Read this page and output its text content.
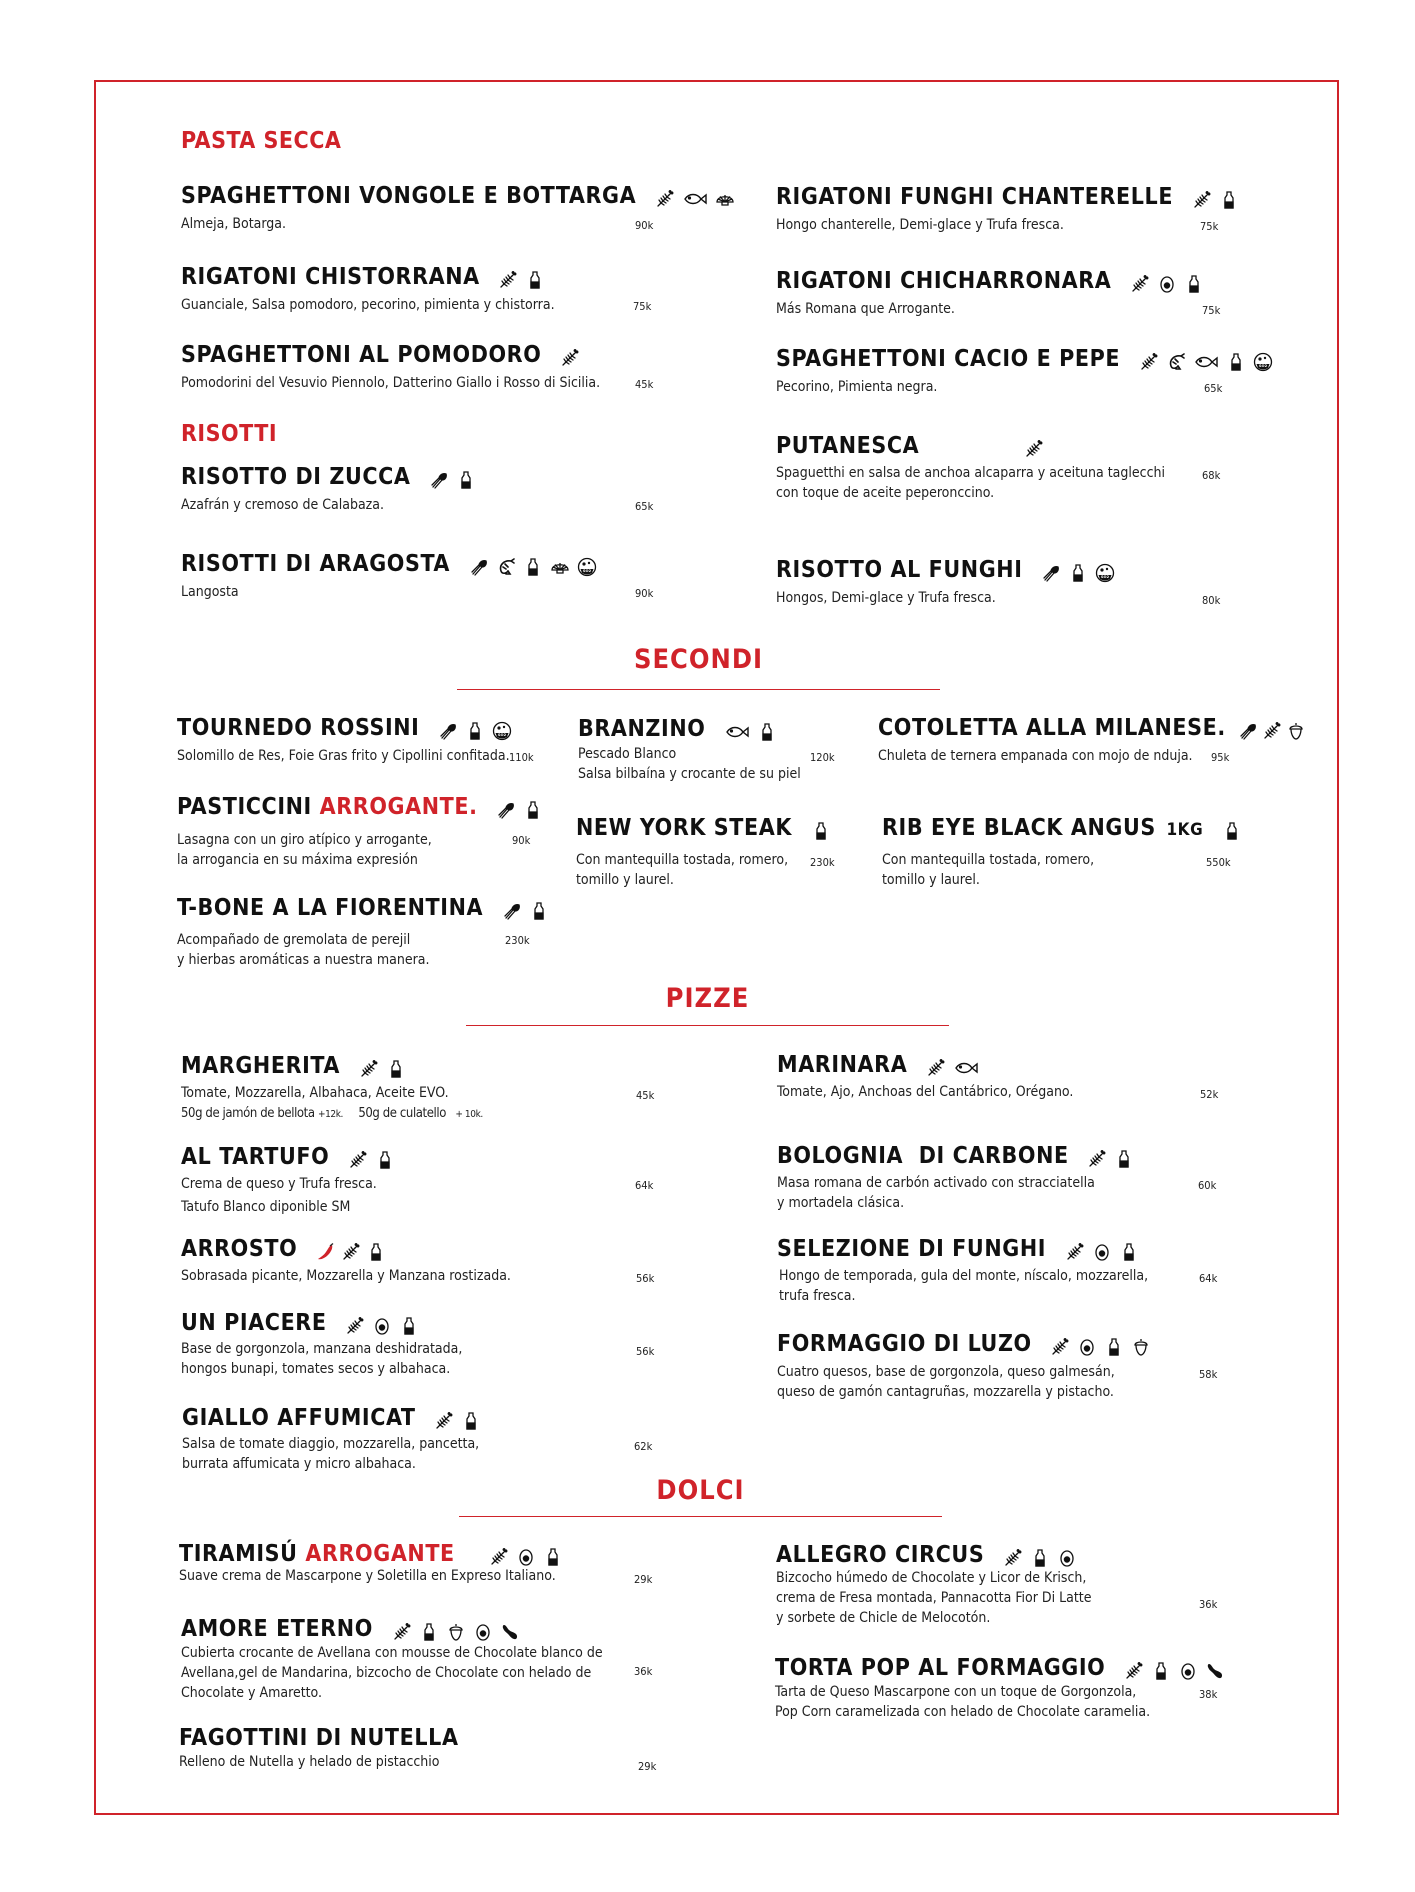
PASTA SECCA
SPAGHETTONI VONGOLE E BOTTARGA
Almeja, Botarga.	90k
RIGATONI CHISTORRANA
Guanciale, Salsa pomodoro, pecorino, pimienta y chistorra.	75k
SPAGHETTONI AL POMODORO
Pomodorini del Vesuvio Piennolo, Datterino Giallo i Rosso di Sicilia.	45k
RISOTTI
RISOTTO DI ZUCCA
Azafrán y cremoso de Calabaza.	65k
RISOTTI DI ARAGOSTA	SO2
Langosta	90k
RIGATONI FUNGHI CHANTERELLE
Hongo chanterelle, Demi-glace y Trufa fresca.	75k
RIGATONI CHICHARRONARA
Más Romana que Arrogante.	75k
SPAGHETTONI CACIO E PEPE	SO2
Pecorino, Pimienta negra.	65k
PUTANESCA
Spaguetthi en salsa de anchoa alcaparra y aceituna taglecchi
con toque de aceite peperonccino.
68k
RISOTTO AL FUNGHI	SO2
Hongos, Demi-glace y Trufa fresca.	80k
SECONDI
TOURNEDO ROSSINI	SO2
Solomillo de Res, Foie Gras frito y Cipollini confitada. 110k
PASTICCINI ARROGANTE.
Lasagna con un giro atípico y arrogante,
la arrogancia en su máxima expresión
90k
T-BONE A LA FIORENTINA
Acompañado de gremolata de perejil
y hierbas aromáticas a nuestra manera.
230k
BRANZINO
Pescado Blanco
Salsa bilbaína y crocante de su piel
120k
NEW YORK STEAK
Con mantequilla tostada, romero,
tomillo y laurel.
230k
COTOLETTA ALLA MILANESE.
Chuleta de ternera empanada con mojo de nduja. 95k
RIB EYE BLACK ANGUS 1KG
Con mantequilla tostada, romero,
tomillo y laurel.
550k
PIZZE
MARGHERITA
Tomate, Mozzarella, Albahaca, Aceite EVO.
50g de jamón de bellota +12k. 50g de culatello + 10k.
45k
AL TARTUFO
Crema de queso y Trufa fresca.
Tatufo Blanco diponible SM
64k
ARROSTO
Sobrasada picante, Mozzarella y Manzana rostizada.	56k
UN PIACERE
Base de gorgonzola, manzana deshidratada,
hongos bunapi, tomates secos y albahaca.
56k
GIALLO AFFUMICAT
Salsa de tomate diaggio, mozzarella, pancetta,
burrata affumicata y micro albahaca.
62k
MARINARA
Tomate, Ajo, Anchoas del Cantábrico, Orégano.	52k
BOLOGNIA  DI CARBONE
Masa romana de carbón activado con stracciatella
y mortadela clásica.
60k
SELEZIONE DI FUNGHI
Hongo de temporada, gula del monte, níscalo, mozzarella,
trufa fresca.
64k
FORMAGGIO DI LUZO
Cuatro quesos, base de gorgonzola, queso galmesán,
queso de gamón cantagruñas, mozzarella y pistacho.
58k
DOLCI
TIRAMISÚ ARROGANTE
Suave crema de Mascarpone y Soletilla en Expreso Italiano.	29k
AMORE ETERNO
Cubierta crocante de Avellana con mousse de Chocolate blanco de
Avellana,gel de Mandarina, bizcocho de Chocolate con helado de
Chocolate y Amaretto.
36k
FAGOTTINI DI NUTELLA
Relleno de Nutella y helado de pistacchio	29k
ALLEGRO CIRCUS
Bizcocho húmedo de Chocolate y Licor de Krisch,
crema de Fresa montada, Pannacotta Fior Di Latte
y sorbete de Chicle de Melocotón.
36k
TORTA POP AL FORMAGGIO
Tarta de Queso Mascarpone con un toque de Gorgonzola,
Pop Corn caramelizada con helado de Chocolate caramelia.
38k
